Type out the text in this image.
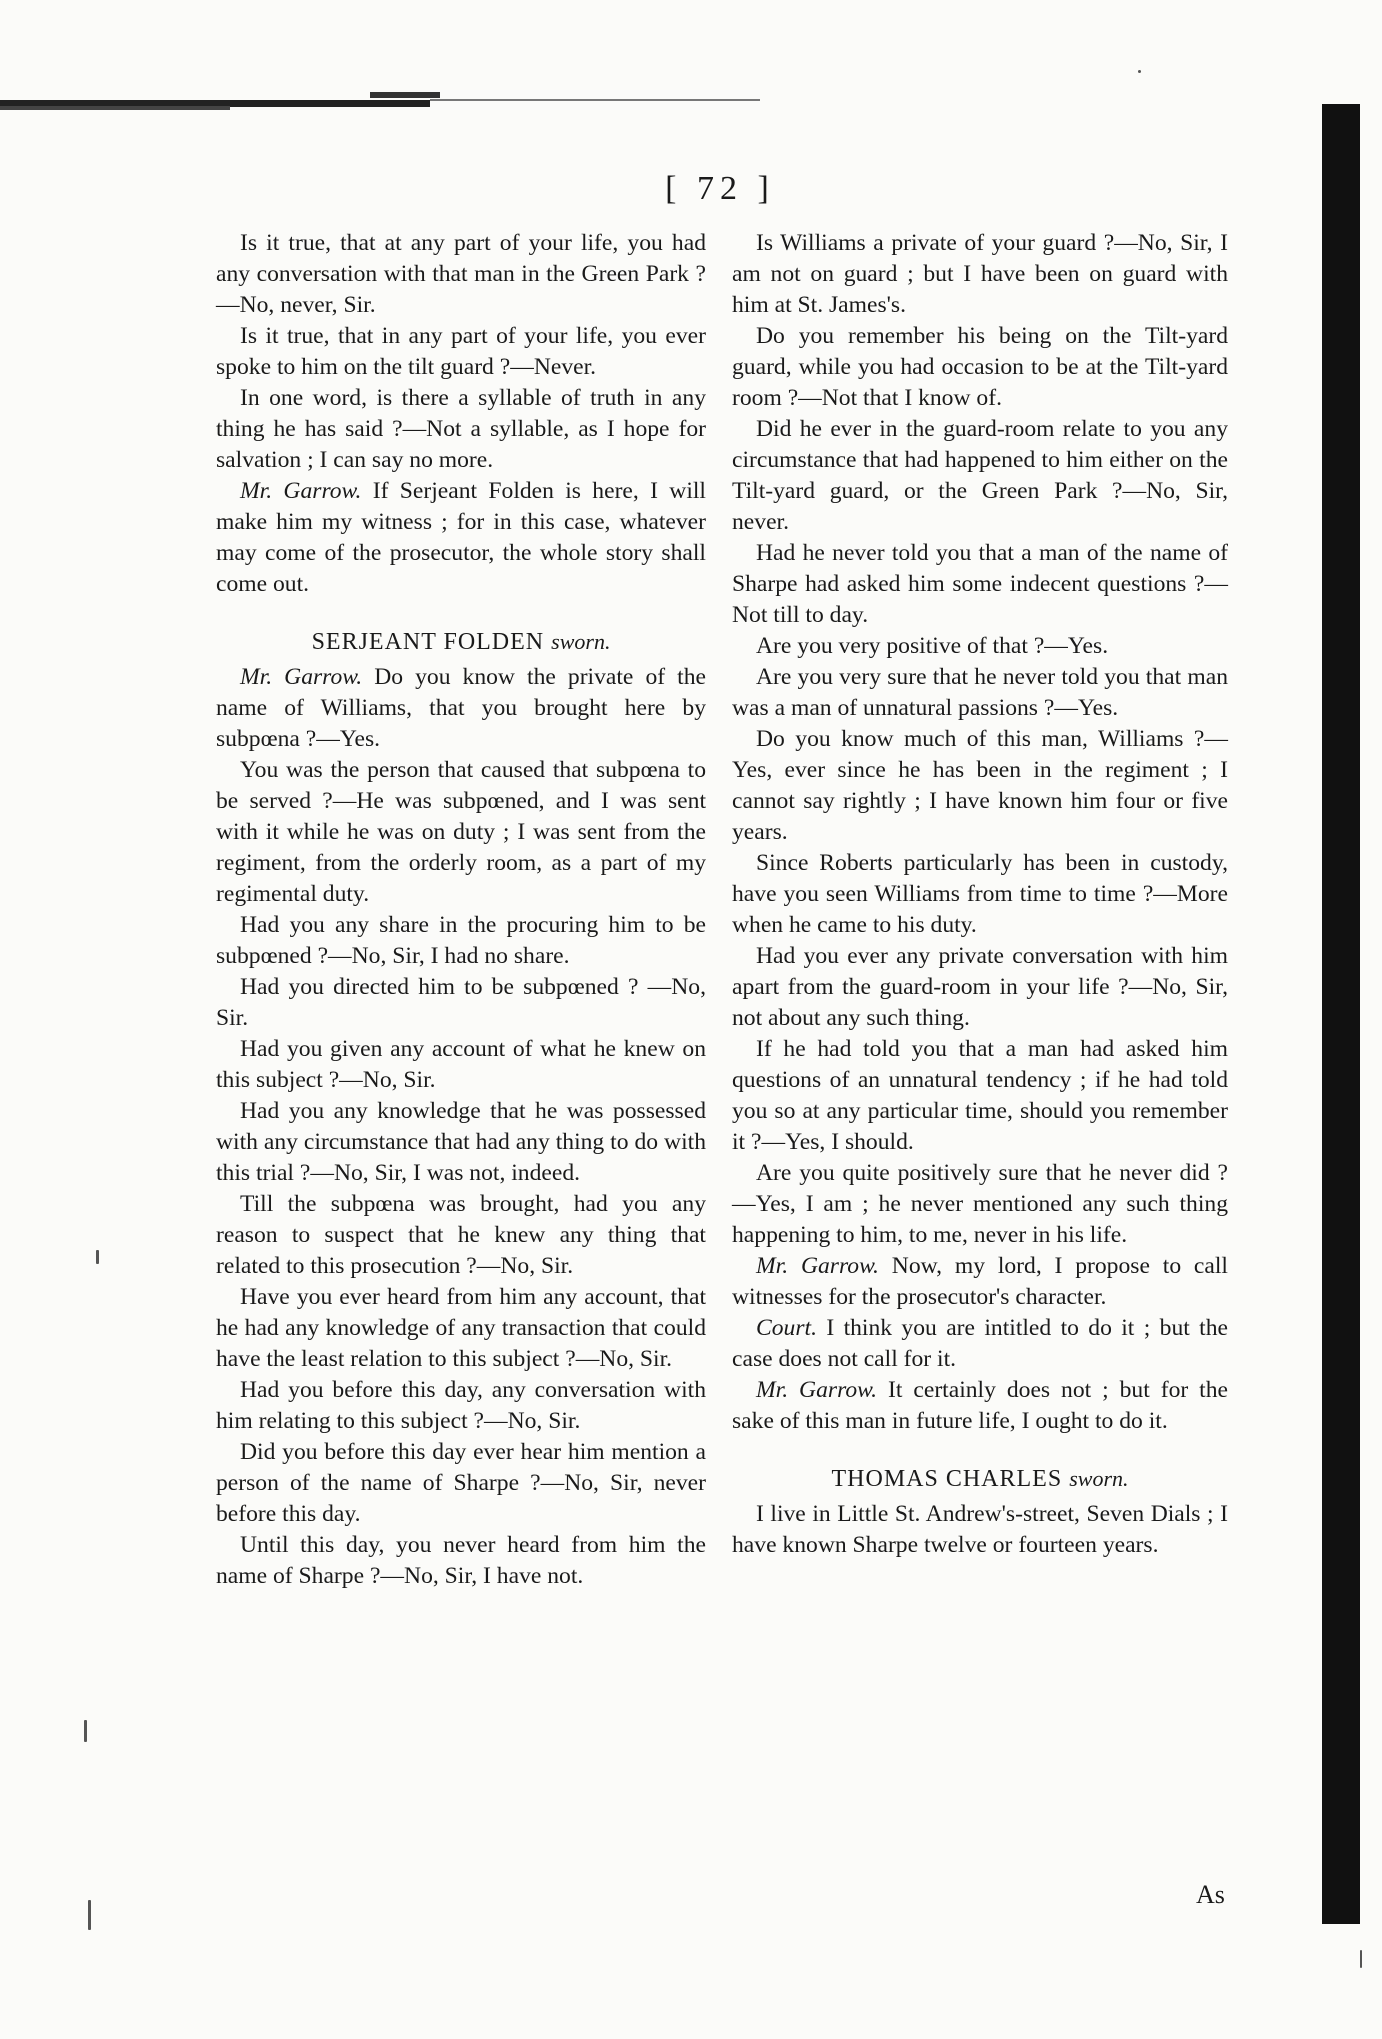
[ 72 ]

Is it true, that at any part of your life, you had any conversation with that man in the Green Park ?—No, never, Sir.

Is it true, that in any part of your life, you ever spoke to him on the tilt guard ?—Never.

In one word, is there a syllable of truth in any thing he has said ?—Not a syllable, as I hope for salvation ; I can say no more.

Mr. Garrow. If Serjeant Folden is here, I will make him my witness ; for in this case, whatever may come of the prosecutor, the whole story shall come out.

SERJEANT FOLDEN sworn.

Mr. Garrow. Do you know the private of the name of Williams, that you brought here by subpœna ?—Yes.

You was the person that caused that subpœna to be served ?—He was subpœned, and I was sent with it while he was on duty ; I was sent from the regiment, from the orderly room, as a part of my regimental duty.

Had you any share in the procuring him to be subpœned ?—No, Sir, I had no share.

Had you directed him to be subpœned ? —No, Sir.

Had you given any account of what he knew on this subject ?—No, Sir.

Had you any knowledge that he was possessed with any circumstance that had any thing to do with this trial ?—No, Sir, I was not, indeed.

Till the subpœna was brought, had you any reason to suspect that he knew any thing that related to this prosecution ?—No, Sir.

Have you ever heard from him any account, that he had any knowledge of any transaction that could have the least relation to this subject ?—No, Sir.

Had you before this day, any conversation with him relating to this subject ?—No, Sir.

Did you before this day ever hear him mention a person of the name of Sharpe ?—No, Sir, never before this day.

Until this day, you never heard from him the name of Sharpe ?—No, Sir, I have not.

Is Williams a private of your guard ?—No, Sir, I am not on guard ; but I have been on guard with him at St. James's.

Do you remember his being on the Tilt-yard guard, while you had occasion to be at the Tilt-yard room ?—Not that I know of.

Did he ever in the guard-room relate to you any circumstance that had happened to him either on the Tilt-yard guard, or the Green Park ?—No, Sir, never.

Had he never told you that a man of the name of Sharpe had asked him some indecent questions ?—Not till to day.

Are you very positive of that ?—Yes.

Are you very sure that he never told you that man was a man of unnatural passions ?—Yes.

Do you know much of this man, Williams ?—Yes, ever since he has been in the regiment ; I cannot say rightly ; I have known him four or five years.

Since Roberts particularly has been in custody, have you seen Williams from time to time ?—More when he came to his duty.

Had you ever any private conversation with him apart from the guard-room in your life ?—No, Sir, not about any such thing.

If he had told you that a man had asked him questions of an unnatural tendency ; if he had told you so at any particular time, should you remember it ?—Yes, I should.

Are you quite positively sure that he never did ?—Yes, I am ; he never mentioned any such thing happening to him, to me, never in his life.

Mr. Garrow. Now, my lord, I propose to call witnesses for the prosecutor's character.

Court. I think you are intitled to do it ; but the case does not call for it.

Mr. Garrow. It certainly does not ; but for the sake of this man in future life, I ought to do it.

THOMAS CHARLES sworn.

I live in Little St. Andrew's-street, Seven Dials ; I have known Sharpe twelve or fourteen years.

As
